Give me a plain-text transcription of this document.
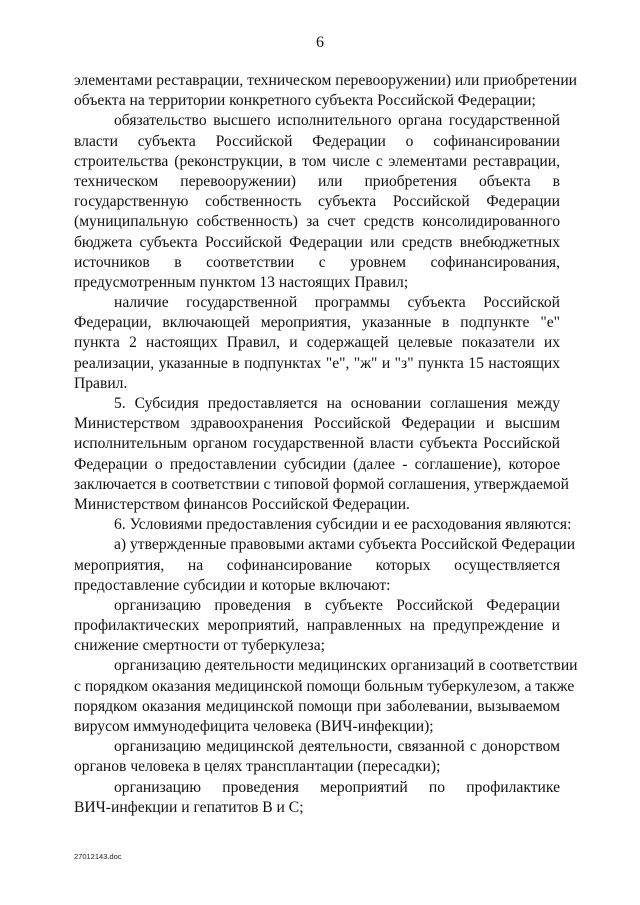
6
элементами реставрации, техническом перевооружении) или приобретении
объекта на территории конкретного субъекта Российской Федерации;
обязательство высшего исполнительного органа государственной
власти субъекта Российской Федерации о софинансировании
строительства (реконструкции, в том числе с элементами реставрации,
техническом перевооружении) или приобретения объекта в
государственную собственность субъекта Российской Федерации
(муниципальную собственность) за счет средств консолидированного
бюджета субъекта Российской Федерации или средств внебюджетных
источников в соответствии с уровнем софинансирования,
предусмотренным пунктом 13 настоящих Правил;
наличие государственной программы субъекта Российской
Федерации, включающей мероприятия, указанные в подпункте "е"
пункта 2 настоящих Правил, и содержащей целевые показатели их
реализации, указанные в подпунктах "е", "ж" и "з" пункта 15 настоящих
Правил.
5. Субсидия предоставляется на основании соглашения между
Министерством здравоохранения Российской Федерации и высшим
исполнительным органом государственной власти субъекта Российской
Федерации о предоставлении субсидии (далее - соглашение), которое
заключается в соответствии с типовой формой соглашения, утверждаемой
Министерством финансов Российской Федерации.
6. Условиями предоставления субсидии и ее расходования являются:
а) утвержденные правовыми актами субъекта Российской Федерации
мероприятия, на софинансирование которых осуществляется
предоставление субсидии и которые включают:
организацию проведения в субъекте Российской Федерации
профилактических мероприятий, направленных на предупреждение и
снижение смертности от туберкулеза;
организацию деятельности медицинских организаций в соответствии
с порядком оказания медицинской помощи больным туберкулезом, а также
порядком оказания медицинской помощи при заболевании, вызываемом
вирусом иммунодефицита человека (ВИЧ-инфекции);
организацию медицинской деятельности, связанной с донорством
органов человека в целях трансплантации (пересадки);
организацию проведения мероприятий по профилактике
ВИЧ-инфекции и гепатитов В и С;
27012143.doc
